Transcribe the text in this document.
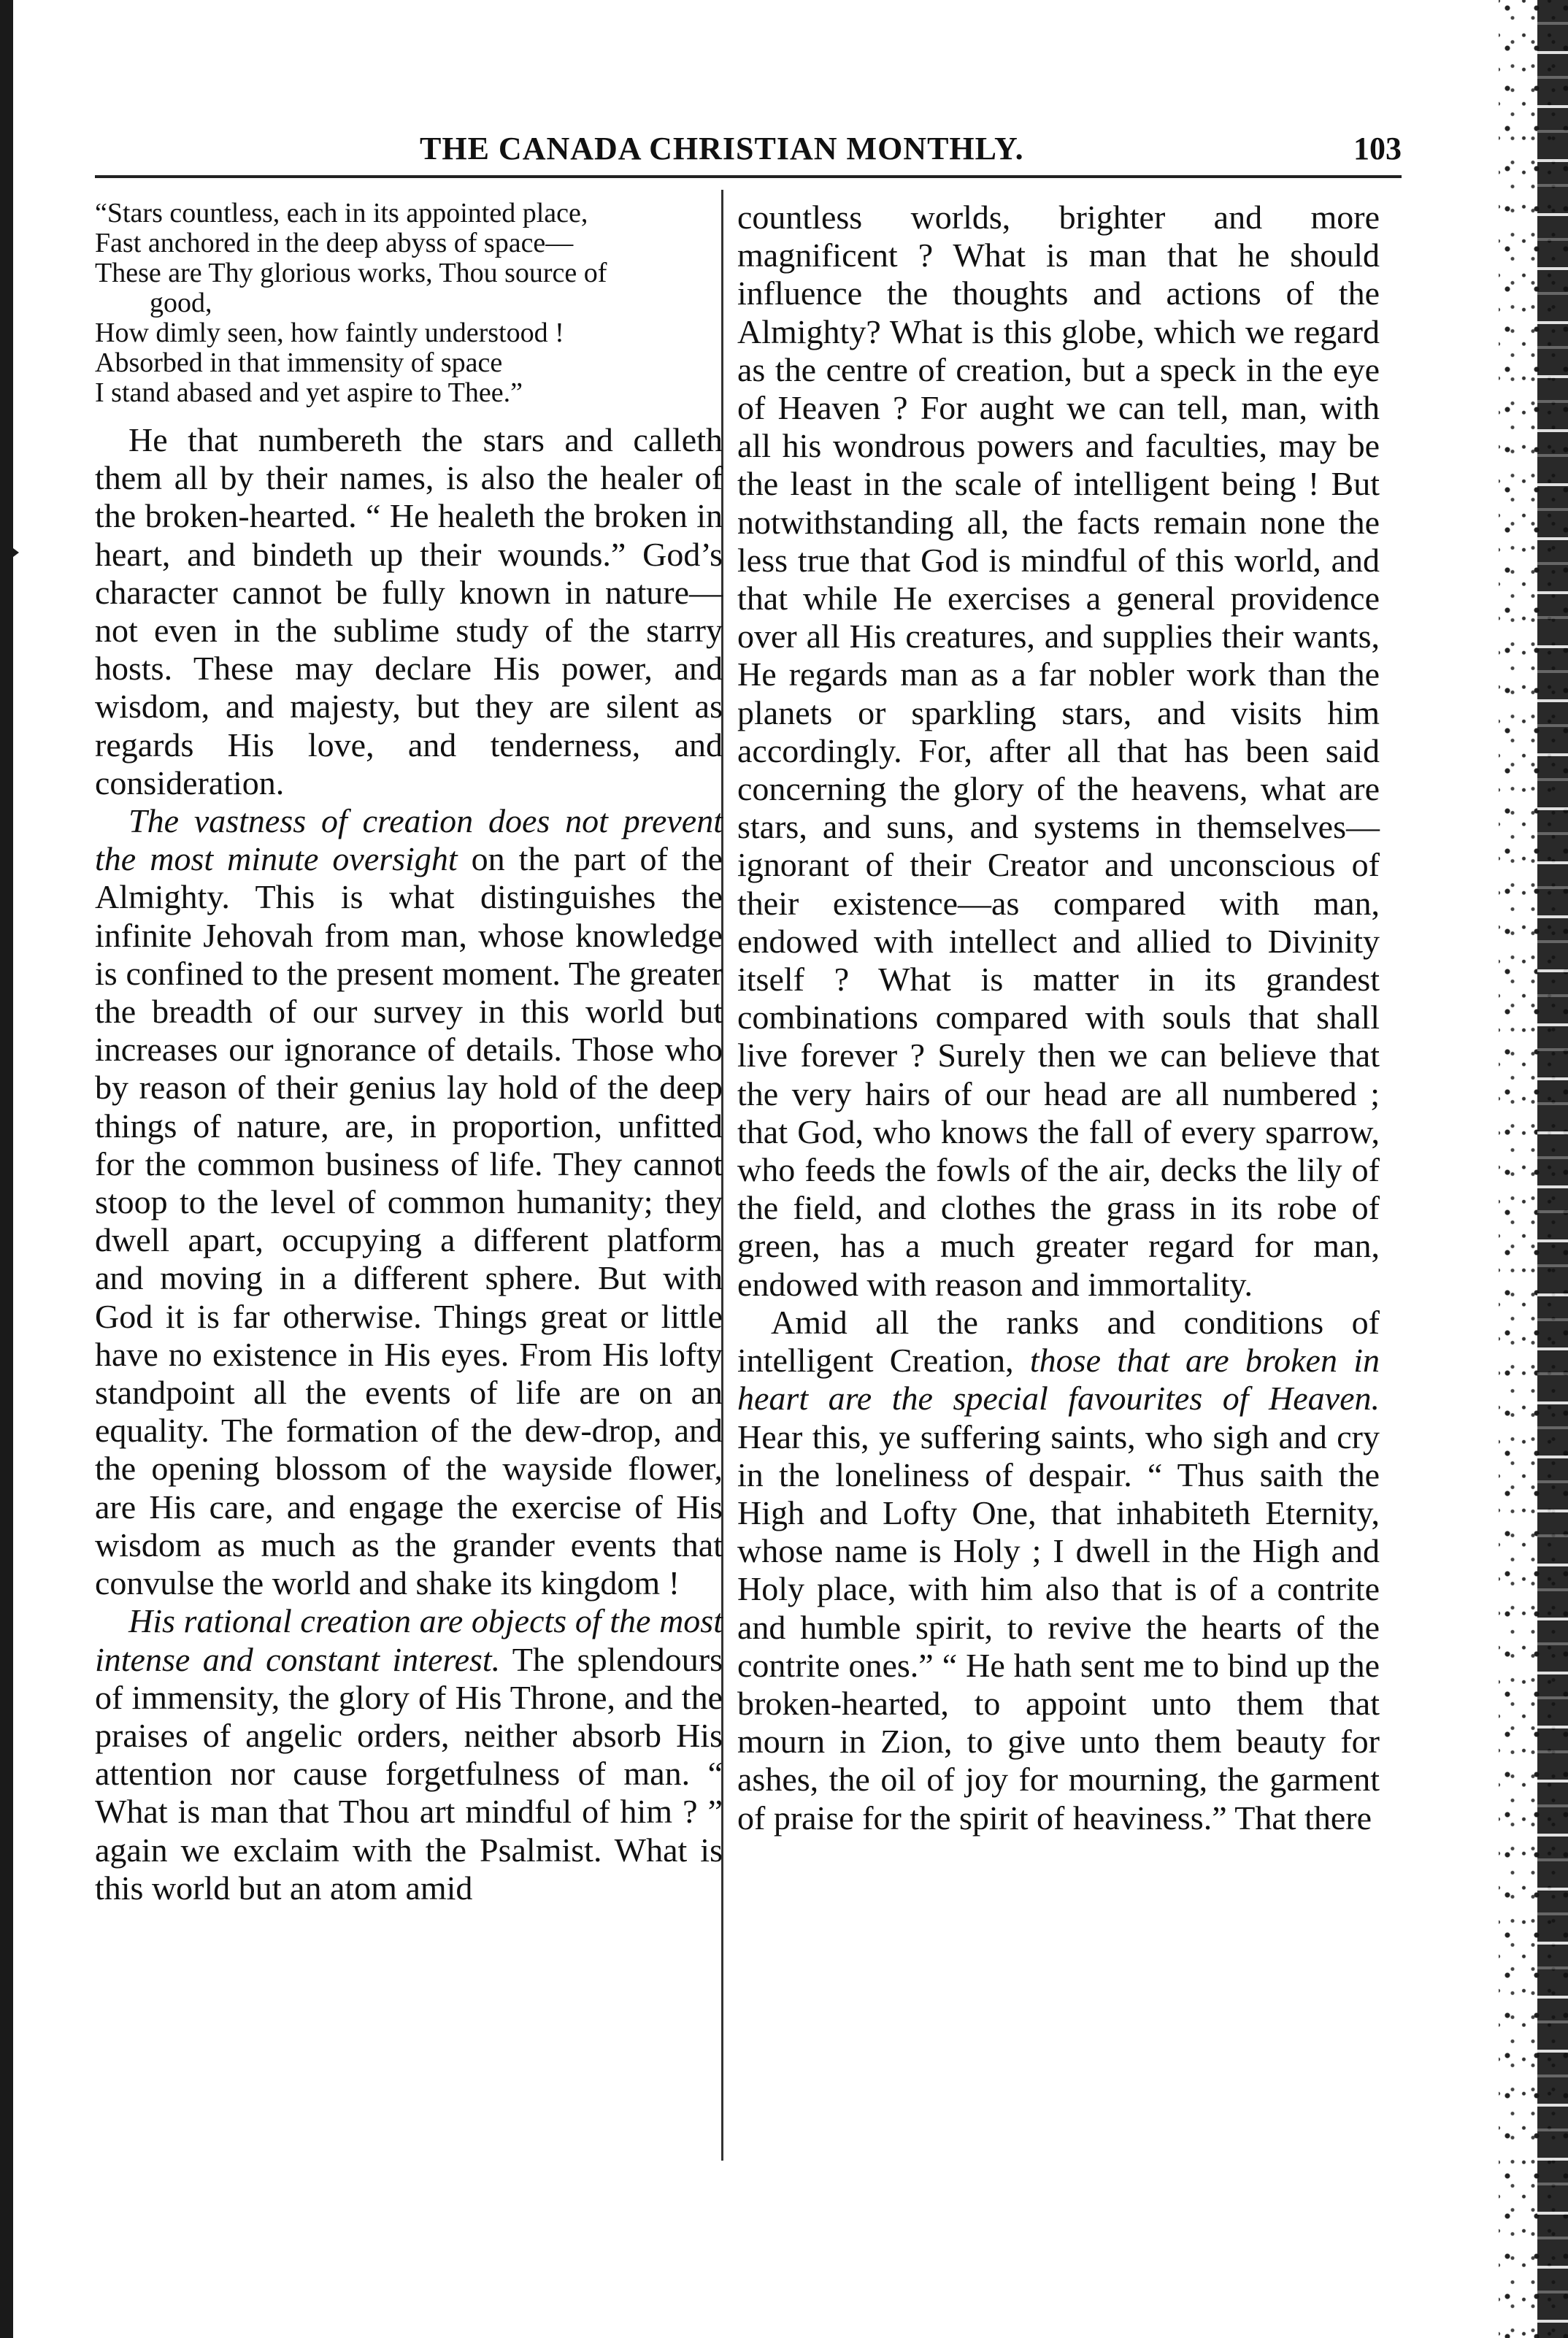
THE CANADA CHRISTIAN MONTHLY.	103
“Stars countless, each in its appointed place,
Fast anchored in the deep abyss of space—
These are Thy glorious works, Thou source of
good,
How dimly seen, how faintly understood !
Absorbed in that immensity of space
I stand abased and yet aspire to Thee.”

He that numbereth the stars and calleth them all by their names, is also the healer of the broken-hearted. “ He healeth the broken in heart, and bindeth up their wounds.” God’s character cannot be fully known in nature—not even in the sublime study of the starry hosts. These may declare His power, and wisdom, and majesty, but they are silent as regards His love, and tenderness, and consideration.

The vastness of creation does not prevent the most minute oversight on the part of the Almighty. This is what distinguishes the infinite Jehovah from man, whose knowledge is confined to the present moment. The greater the breadth of our survey in this world but increases our ignorance of details. Those who by reason of their genius lay hold of the deep things of nature, are, in proportion, unfitted for the common business of life. They cannot stoop to the level of common humanity; they dwell apart, occupying a different platform and moving in a different sphere. But with God it is far otherwise. Things great or little have no existence in His eyes. From His lofty standpoint all the events of life are on an equality. The formation of the dew-drop, and the opening blossom of the wayside flower, are His care, and engage the exercise of His wisdom as much as the grander events that convulse the world and shake its kingdom !

His rational creation are objects of the most intense and constant interest. The splendours of immensity, the glory of His Throne, and the praises of angelic orders, neither absorb His attention nor cause forgetfulness of man. “ What is man that Thou art mindful of him ? ” again we exclaim with the Psalmist. What is this world but an atom amid

countless worlds, brighter and more magnificent ? What is man that he should influence the thoughts and actions of the Almighty? What is this globe, which we regard as the centre of creation, but a speck in the eye of Heaven ? For aught we can tell, man, with all his wondrous powers and faculties, may be the least in the scale of intelligent being ! But notwithstanding all, the facts remain none the less true that God is mindful of this world, and that while He exercises a general providence over all His creatures, and supplies their wants, He regards man as a far nobler work than the planets or sparkling stars, and visits him accordingly. For, after all that has been said concerning the glory of the heavens, what are stars, and suns, and systems in themselves—ignorant of their Creator and unconscious of their existence—as compared with man, endowed with intellect and allied to Divinity itself ? What is matter in its grandest combinations compared with souls that shall live forever ? Surely then we can believe that the very hairs of our head are all numbered ; that God, who knows the fall of every sparrow, who feeds the fowls of the air, decks the lily of the field, and clothes the grass in its robe of green, has a much greater regard for man, endowed with reason and immortality.

Amid all the ranks and conditions of intelligent Creation, those that are broken in heart are the special favourites of Heaven. Hear this, ye suffering saints, who sigh and cry in the loneliness of despair. “ Thus saith the High and Lofty One, that inhabiteth Eternity, whose name is Holy ; I dwell in the High and Holy place, with him also that is of a contrite and humble spirit, to revive the hearts of the contrite ones.” “ He hath sent me to bind up the broken-hearted, to appoint unto them that mourn in Zion, to give unto them beauty for ashes, the oil of joy for mourning, the garment of praise for the spirit of heaviness.” That there
